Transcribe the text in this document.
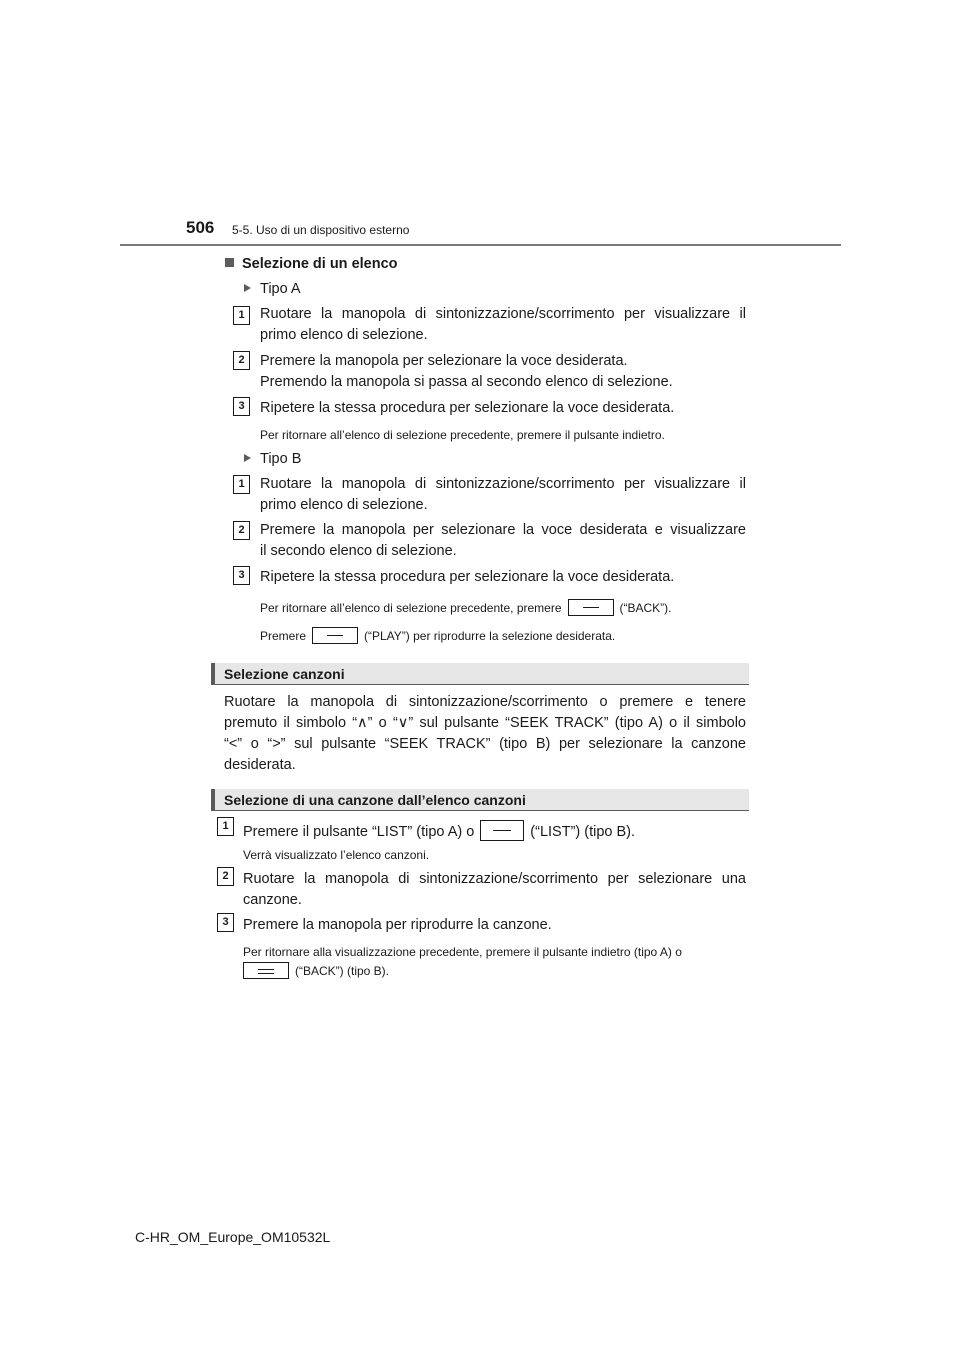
506 5-5. Uso di un dispositivo esterno
Selezione di un elenco
Tipo A
1	Ruotare la manopola di sintonizzazione/scorrimento per visualizzare il
primo elenco di selezione.
2	Premere la manopola per selezionare la voce desiderata.
Premendo la manopola si passa al secondo elenco di selezione.
3	Ripetere la stessa procedura per selezionare la voce desiderata.
Per ritornare all’elenco di selezione precedente, premere il pulsante indietro.
Tipo B
1	Ruotare la manopola di sintonizzazione/scorrimento per visualizzare il
primo elenco di selezione.
2	Premere la manopola per selezionare la voce desiderata e visualizzare
il secondo elenco di selezione.
3	Ripetere la stessa procedura per selezionare la voce desiderata.
Per ritornare all’elenco di selezione precedente, premere	(“BACK”).
Premere	(“PLAY”) per riprodurre la selezione desiderata.
Selezione canzoni
Ruotare la manopola di sintonizzazione/scorrimento o premere e tenere
premuto il simbolo “∧” o “∨” sul pulsante “SEEK TRACK” (tipo A) o il simbolo
“<” o “>” sul pulsante “SEEK TRACK” (tipo B) per selezionare la canzone
desiderata.
Selezione di una canzone dall’elenco canzoni
1 Premere il pulsante “LIST” (tipo A) o	(“LIST”) (tipo B).
Verrà visualizzato l’elenco canzoni.
2 Ruotare la manopola di sintonizzazione/scorrimento per selezionare una
canzone.
3 Premere la manopola per riprodurre la canzone.
Per ritornare alla visualizzazione precedente, premere il pulsante indietro (tipo A) o
(“BACK”) (tipo B).
C-HR_OM_Europe_OM10532L
